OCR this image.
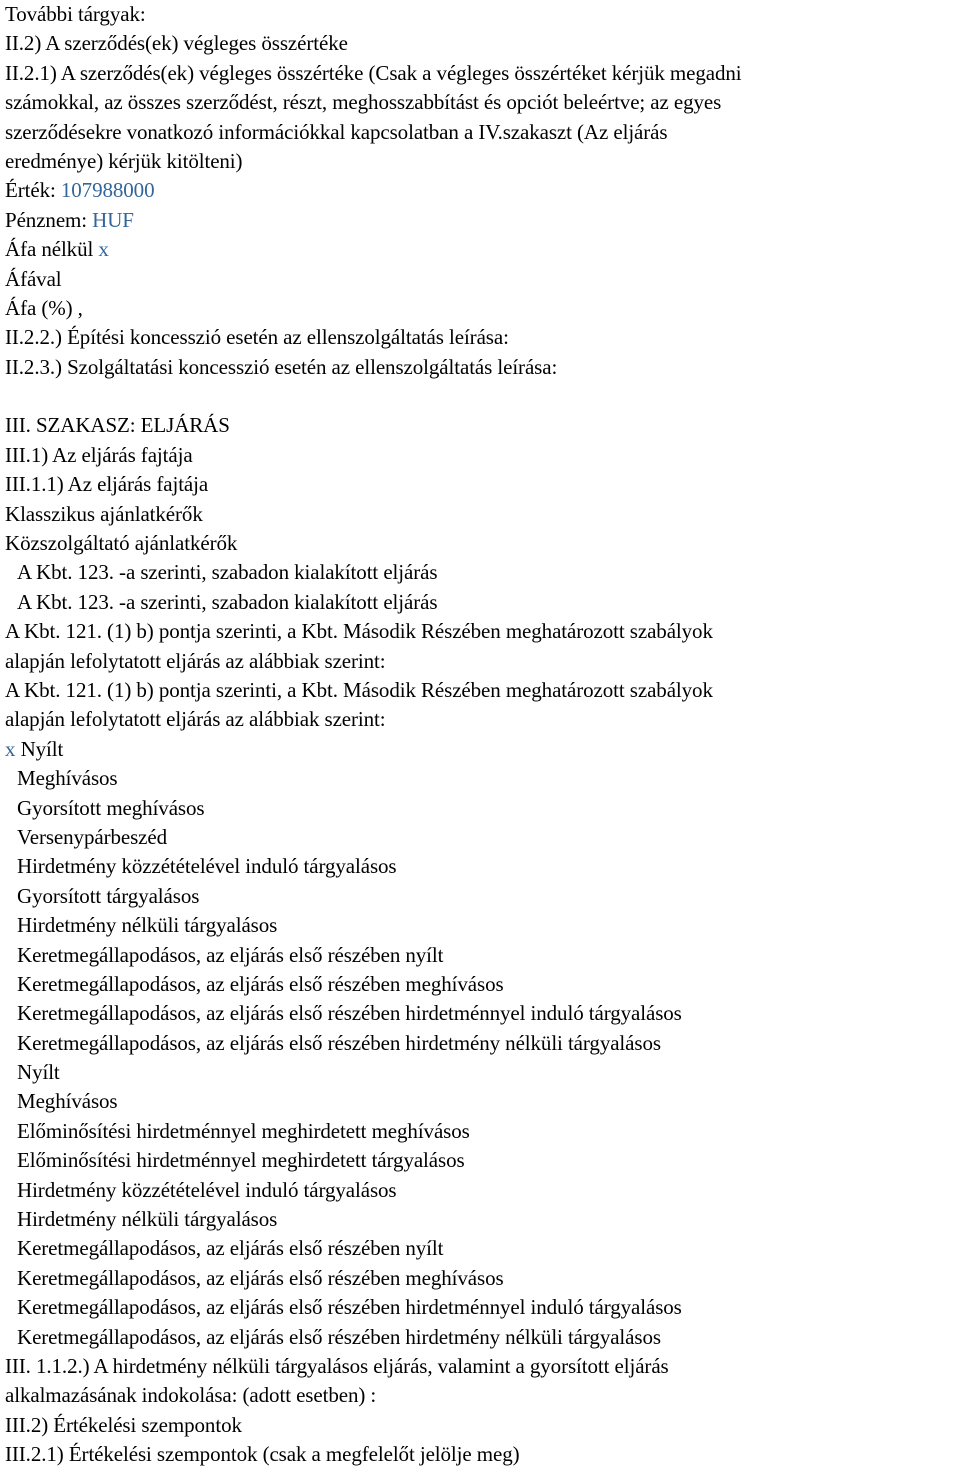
További tárgyak:
II.2) A szerződés(ek) végleges összértéke
II.2.1) A szerződés(ek) végleges összértéke (Csak a végleges összértéket kérjük megadni
számokkal, az összes szerződést, részt, meghosszabbítást és opciót beleértve; az egyes
szerződésekre vonatkozó információkkal kapcsolatban a IV.szakaszt (Az eljárás
eredménye) kérjük kitölteni)
Érték: 107988000
Pénznem: HUF
Áfa nélkül x
Áfával
Áfa (%) ,
II.2.2.) Építési koncesszió esetén az ellenszolgáltatás leírása:
II.2.3.) Szolgáltatási koncesszió esetén az ellenszolgáltatás leírása:
III. SZAKASZ: ELJÁRÁS
III.1) Az eljárás fajtája
III.1.1) Az eljárás fajtája
Klasszikus ajánlatkérők
Közszolgáltató ajánlatkérők
A Kbt. 123. -a szerinti, szabadon kialakított eljárás
A Kbt. 123. -a szerinti, szabadon kialakított eljárás
A Kbt. 121. (1) b) pontja szerinti, a Kbt. Második Részében meghatározott szabályok
alapján lefolytatott eljárás az alábbiak szerint:
A Kbt. 121. (1) b) pontja szerinti, a Kbt. Második Részében meghatározott szabályok
alapján lefolytatott eljárás az alábbiak szerint:
x Nyílt
Meghívásos
Gyorsított meghívásos
Versenypárbeszéd
Hirdetmény közzétételével induló tárgyalásos
Gyorsított tárgyalásos
Hirdetmény nélküli tárgyalásos
Keretmegállapodásos, az eljárás első részében nyílt
Keretmegállapodásos, az eljárás első részében meghívásos
Keretmegállapodásos, az eljárás első részében hirdetménnyel induló tárgyalásos
Keretmegállapodásos, az eljárás első részében hirdetmény nélküli tárgyalásos
Nyílt
Meghívásos
Előminősítési hirdetménnyel meghirdetett meghívásos
Előminősítési hirdetménnyel meghirdetett tárgyalásos
Hirdetmény közzétételével induló tárgyalásos
Hirdetmény nélküli tárgyalásos
Keretmegállapodásos, az eljárás első részében nyílt
Keretmegállapodásos, az eljárás első részében meghívásos
Keretmegállapodásos, az eljárás első részében hirdetménnyel induló tárgyalásos
Keretmegállapodásos, az eljárás első részében hirdetmény nélküli tárgyalásos
III. 1.1.2.) A hirdetmény nélküli tárgyalásos eljárás, valamint a gyorsított eljárás
alkalmazásának indokolása: (adott esetben) :
III.2) Értékelési szempontok
III.2.1) Értékelési szempontok (csak a megfelelőt jelölje meg)
